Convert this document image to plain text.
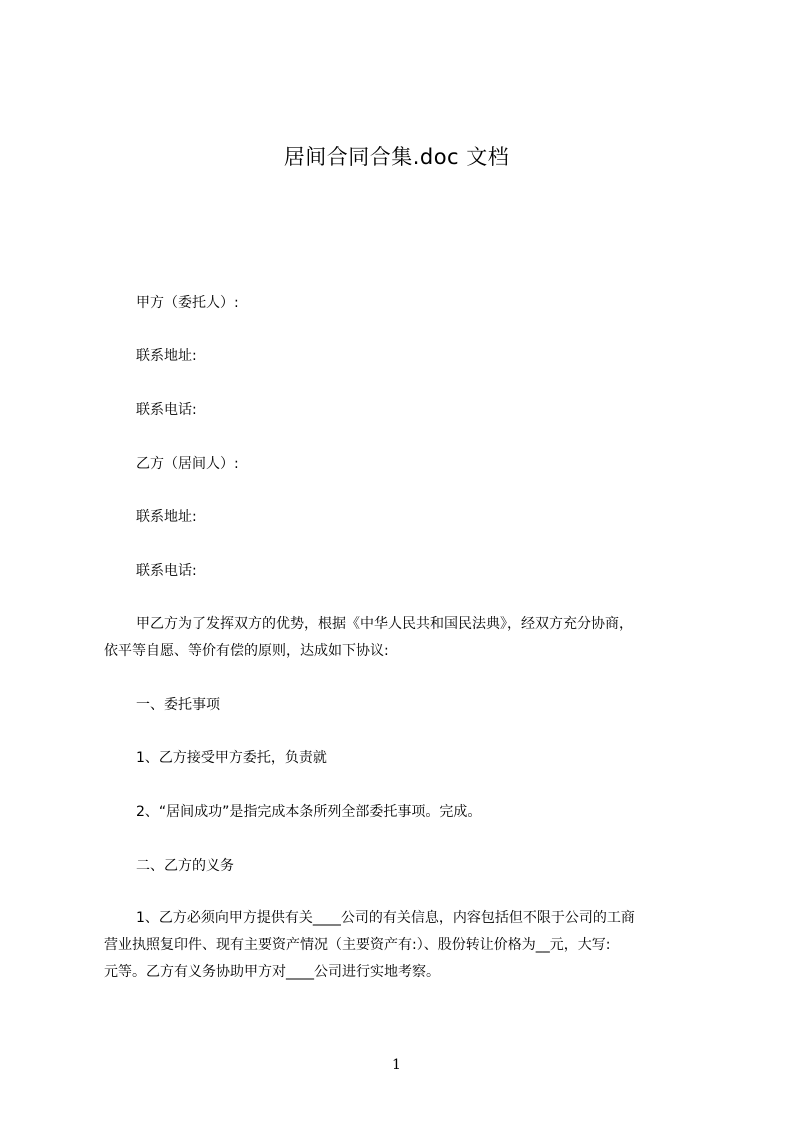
居间合同合集.doc 文档
甲方（委托人）:
联系地址:
联系电话:
乙方（居间人）:
联系地址:
联系电话:
甲乙方为了发挥双方的优势，根据《中华人民共和国民法典》，经双方充分协商，
依平等自愿、等价有偿的原则，达成如下协议:
一、委托事项
1、乙方接受甲方委托，负责就
2、“居间成功”是指完成本条所列全部委托事项。完成。
二、乙方的义务
1、乙方必须向甲方提供有关____公司的有关信息，内容包括但不限于公司的工商
营业执照复印件、现有主要资产情况（主要资产有:）、股份转让价格为__元，大写:
元等。乙方有义务协助甲方对____公司进行实地考察。
1
